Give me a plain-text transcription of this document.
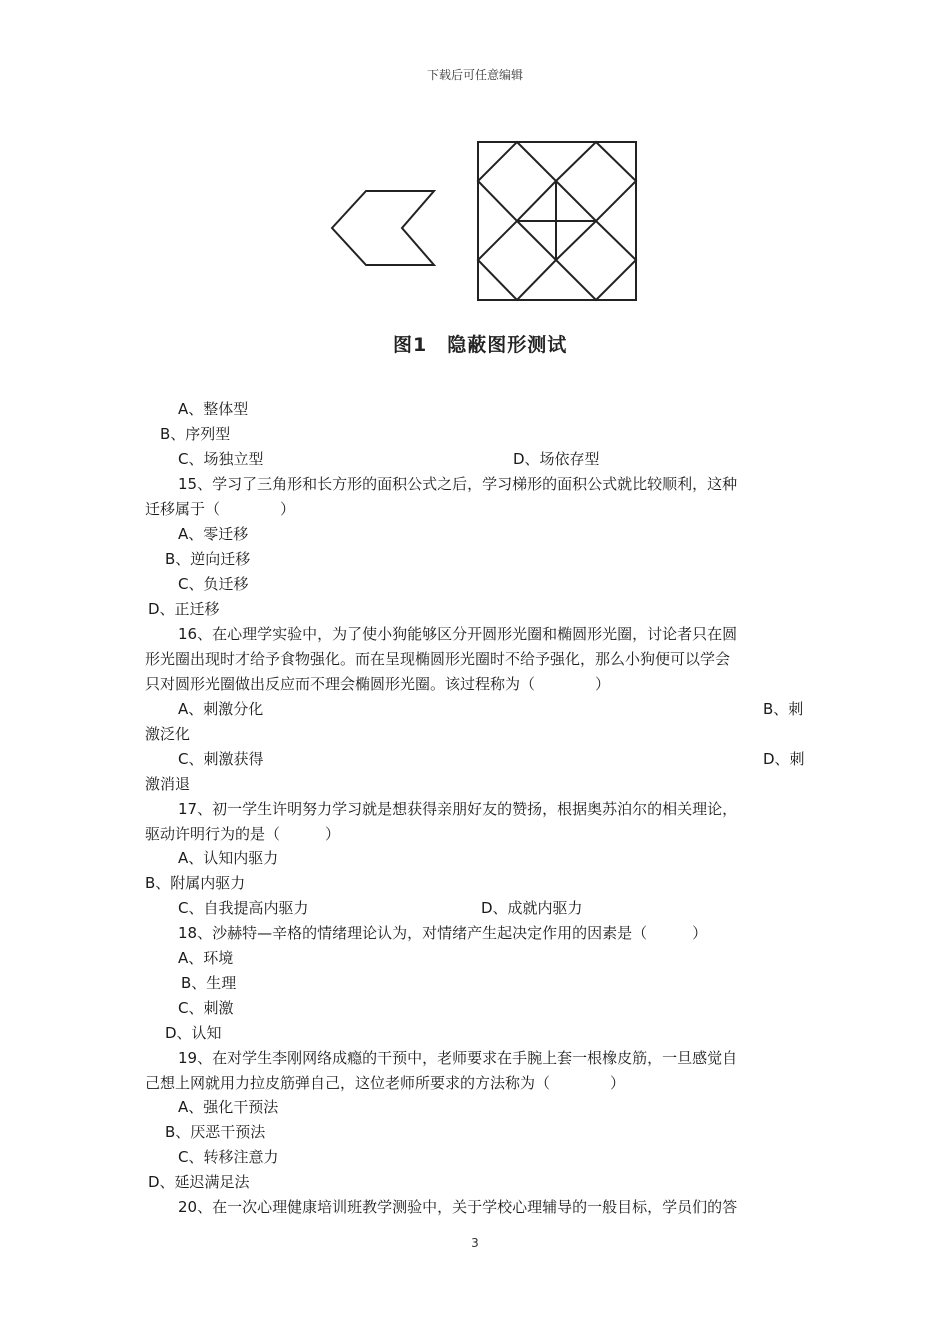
下载后可任意编辑
图1　隐蔽图形测试
A、整体型
B、序列型
C、场独立型	D、场依存型
15、学习了三角形和长方形的面积公式之后，学习梯形的面积公式就比较顺利，这种
迁移属于（　　　　）
A、零迁移
B、逆向迁移
C、负迁移
D、正迁移
16、在心理学实验中，为了使小狗能够区分开圆形光圈和椭圆形光圈，讨论者只在圆
形光圈出现时才给予食物强化。而在呈现椭圆形光圈时不给予强化，那么小狗便可以学会
只对圆形光圈做出反应而不理会椭圆形光圈。该过程称为（　　　　）
A、刺激分化	B、刺
激泛化
C、刺激获得	D、刺
激消退
17、初一学生许明努力学习就是想获得亲朋好友的赞扬，根据奥苏泊尔的相关理论，
驱动许明行为的是（　　　）
A、认知内驱力
B、附属内驱力
C、自我提高内驱力	D、成就内驱力
18、沙赫特—辛格的情绪理论认为，对情绪产生起决定作用的因素是（　　　）
A、环境
B、生理
C、刺激
D、认知
19、在对学生李刚网络成瘾的干预中，老师要求在手腕上套一根橡皮筋，一旦感觉自
己想上网就用力拉皮筋弹自己，这位老师所要求的方法称为（　　　　）
A、强化干预法
B、厌恶干预法
C、转移注意力
D、延迟满足法
20、在一次心理健康培训班教学测验中，关于学校心理辅导的一般目标，学员们的答
3
